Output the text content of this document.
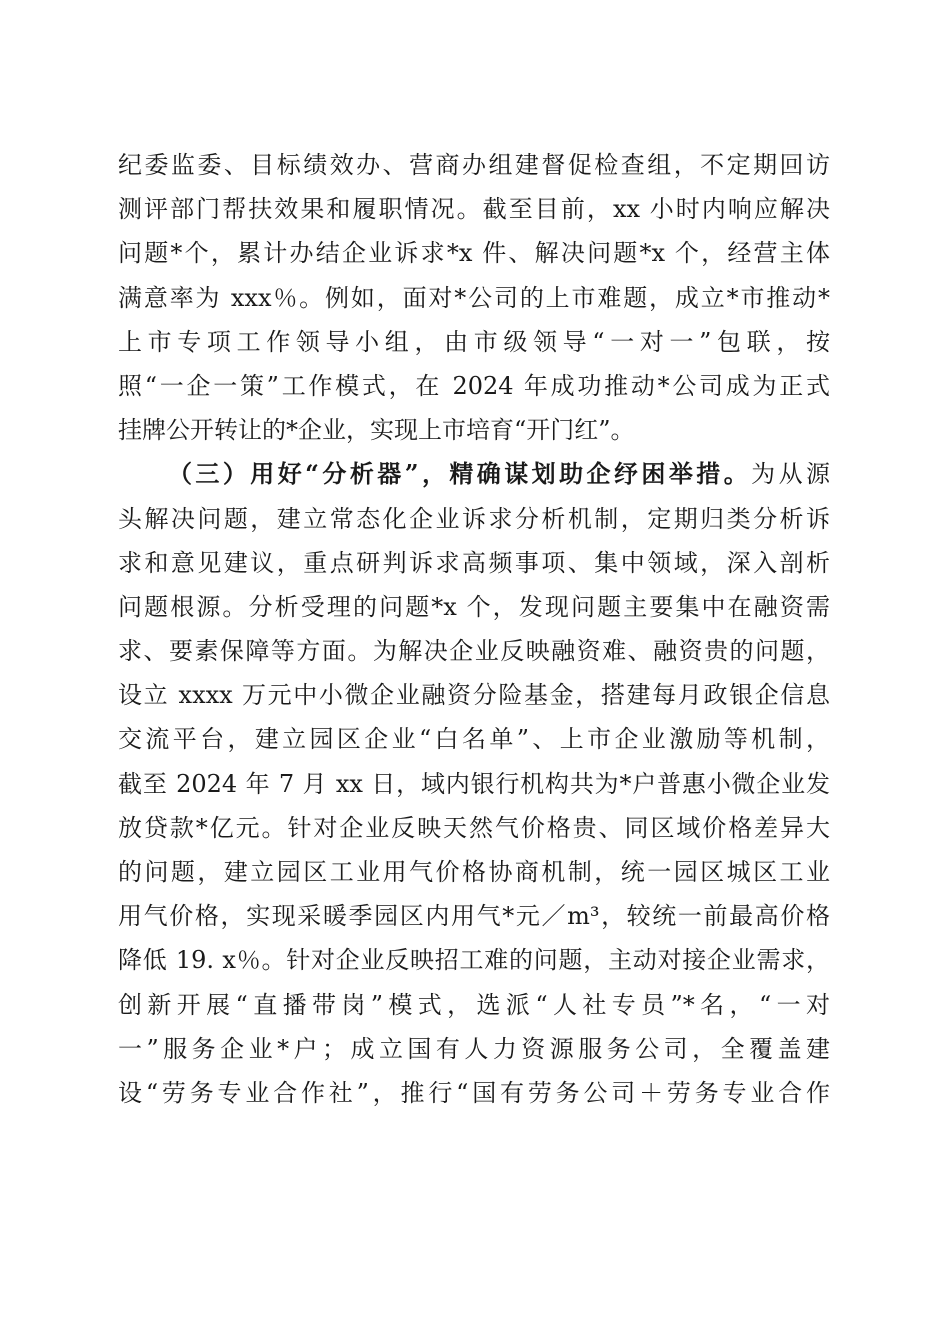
纪委监委、目标绩效办、营商办组建督促检查组，不定期回访
测评部门帮扶效果和履职情况。截至目前，xx 小时内响应解决
问题*个，累计办结企业诉求*x 件、解决问题*x 个，经营主体
满意率为 xxx％。例如，面对*公司的上市难题，成立*市推动*
上市专项工作领导小组，由市级领导“一对一”包联，按
照“一企一策”工作模式，在 2024 年成功推动*公司成为正式
挂牌公开转让的*企业，实现上市培育“开门红”。
（三）用好“分析器”，精确谋划助企纾困举措。为从源
头解决问题，建立常态化企业诉求分析机制，定期归类分析诉
求和意见建议，重点研判诉求高频事项、集中领域，深入剖析
问题根源。分析受理的问题*x 个，发现问题主要集中在融资需
求、要素保障等方面。为解决企业反映融资难、融资贵的问题，
设立 xxxx 万元中小微企业融资分险基金，搭建每月政银企信息
交流平台，建立园区企业“白名单”、上市企业激励等机制，
截至 2024 年 7 月 xx 日，域内银行机构共为*户普惠小微企业发
放贷款*亿元。针对企业反映天然气价格贵、同区域价格差异大
的问题，建立园区工业用气价格协商机制，统一园区城区工业
用气价格，实现采暖季园区内用气*元／m³，较统一前最高价格
降低 19. x％。针对企业反映招工难的问题，主动对接企业需求，
创新开展“直播带岗”模式，选派“人社专员”*名，“一对
一”服务企业*户；成立国有人力资源服务公司，全覆盖建
设“劳务专业合作社”，推行“国有劳务公司＋劳务专业合作
